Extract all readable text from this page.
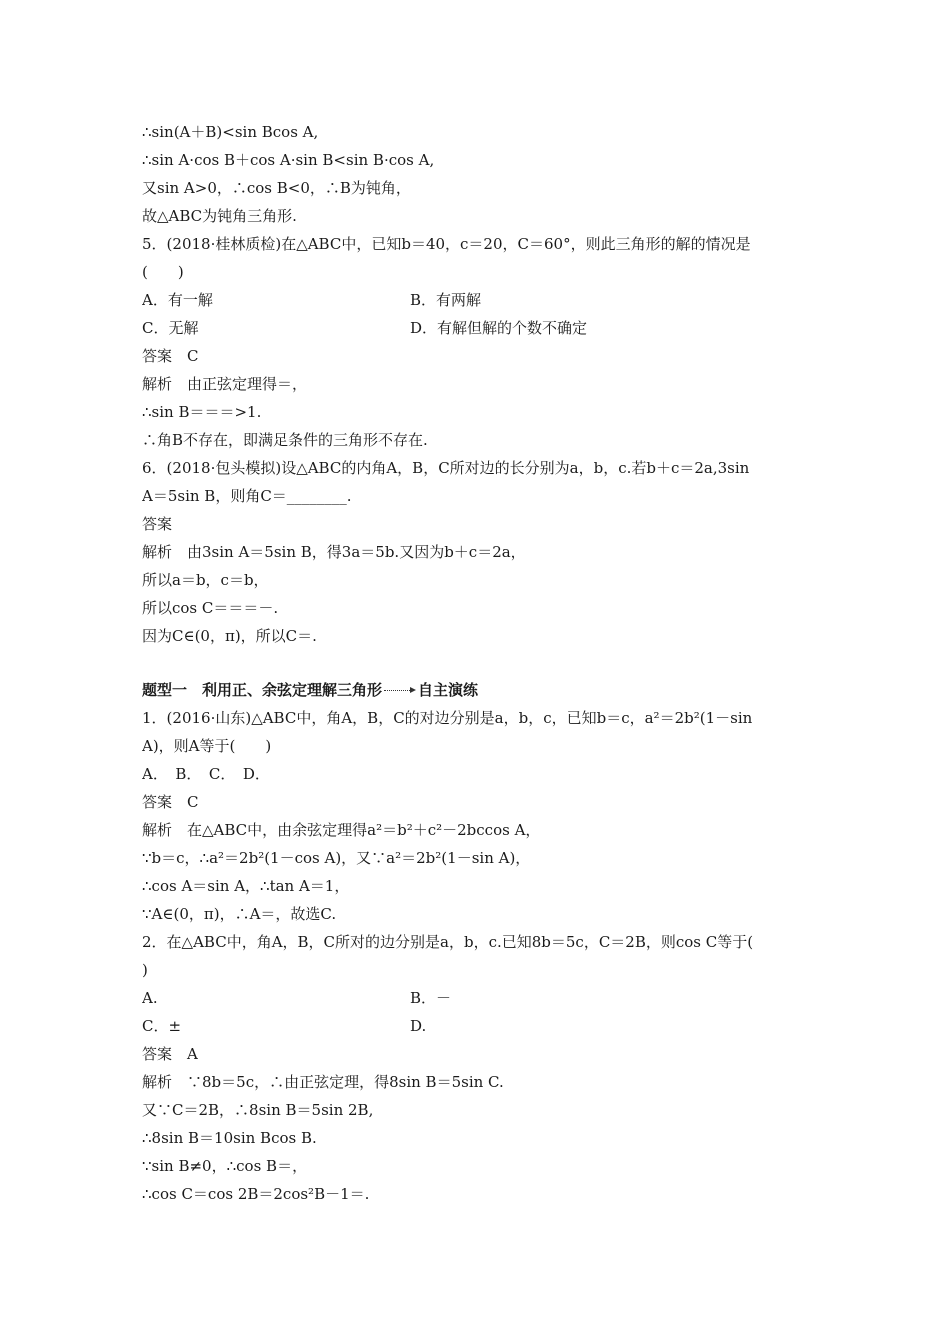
∴sin(A＋B)<sin Bcos A,
∴sin A·cos B＋cos A·sin B<sin B·cos A,
又sin A>0，∴cos B<0，∴B为钝角，
故△ABC为钝角三角形.
5．(2018·桂林质检)在△ABC中，已知b＝40，c＝20，C＝60°，则此三角形的解的情况是
(　　)
A．有一解	B．有两解
C．无解	D．有解但解的个数不确定
答案　C
解析　由正弦定理得＝，
∴sin B＝＝＝>1.
∴角B不存在，即满足条件的三角形不存在.
6．(2018·包头模拟)设△ABC的内角A，B，C所对边的长分别为a，b，c.若b＋c＝2a,3sin
A＝5sin B，则角C＝________.
答案
解析　由3sin A＝5sin B，得3a＝5b.又因为b＋c＝2a，
所以a＝b，c＝b，
所以cos C＝＝＝－.
因为C∈(0，π)，所以C＝.
题型一　利用正、余弦定理解三角形 自主演练
1．(2016·山东)△ABC中，角A，B，C的对边分别是a，b，c，已知b＝c，a²＝2b²(1－sin
A)，则A等于(　　)
A．　B．　C．　D．
答案　C
解析　在△ABC中，由余弦定理得a²＝b²＋c²－2bccos A，
∵b＝c，∴a²＝2b²(1－cos A)，又∵a²＝2b²(1－sin A)，
∴cos A＝sin A，∴tan A＝1，
∵A∈(0，π)，∴A＝，故选C.
2．在△ABC中，角A，B，C所对的边分别是a，b，c.已知8b＝5c，C＝2B，则cos C等于(
)
A.	B．－
C．±	D.
答案　A
解析　∵8b＝5c，∴由正弦定理，得8sin B＝5sin C.
又∵C＝2B，∴8sin B＝5sin 2B,
∴8sin B＝10sin Bcos B.
∵sin B≠0，∴cos B＝，
∴cos C＝cos 2B＝2cos²B－1＝.
